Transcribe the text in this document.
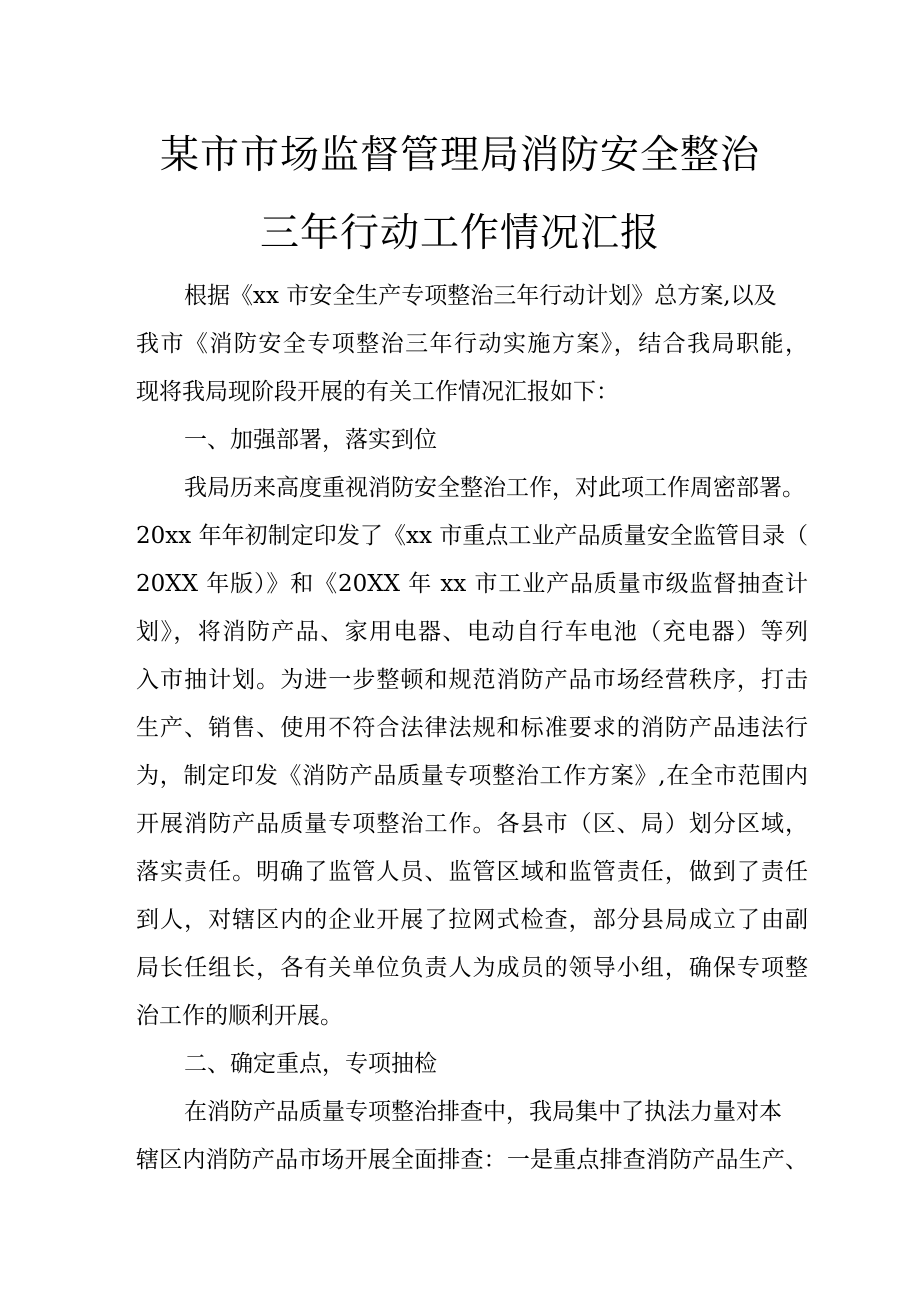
某市市场监督管理局消防安全整治
三年行动工作情况汇报
根据《xx 市安全生产专项整治三年行动计划》总方案,以及
我市《消防安全专项整治三年行动实施方案》，结合我局职能，
现将我局现阶段开展的有关工作情况汇报如下：
一、加强部署，落实到位
我局历来高度重视消防安全整治工作，对此项工作周密部署。
20xx 年年初制定印发了《xx 市重点工业产品质量安全监管目录（
20XX 年版）》和《20XX 年 xx 市工业产品质量市级监督抽查计
划》，将消防产品、家用电器、电动自行车电池（充电器）等列
入市抽计划。为进一步整顿和规范消防产品市场经营秩序，打击
生产、销售、使用不符合法律法规和标准要求的消防产品违法行
为，制定印发《消防产品质量专项整治工作方案》,在全市范围内
开展消防产品质量专项整治工作。各县市（区、局）划分区域，
落实责任。明确了监管人员、监管区域和监管责任，做到了责任
到人，对辖区内的企业开展了拉网式检查，部分县局成立了由副
局长任组长，各有关单位负责人为成员的领导小组，确保专项整
治工作的顺利开展。
二、确定重点，专项抽检
在消防产品质量专项整治排查中，我局集中了执法力量对本
辖区内消防产品市场开展全面排查：一是重点排查消防产品生产、
